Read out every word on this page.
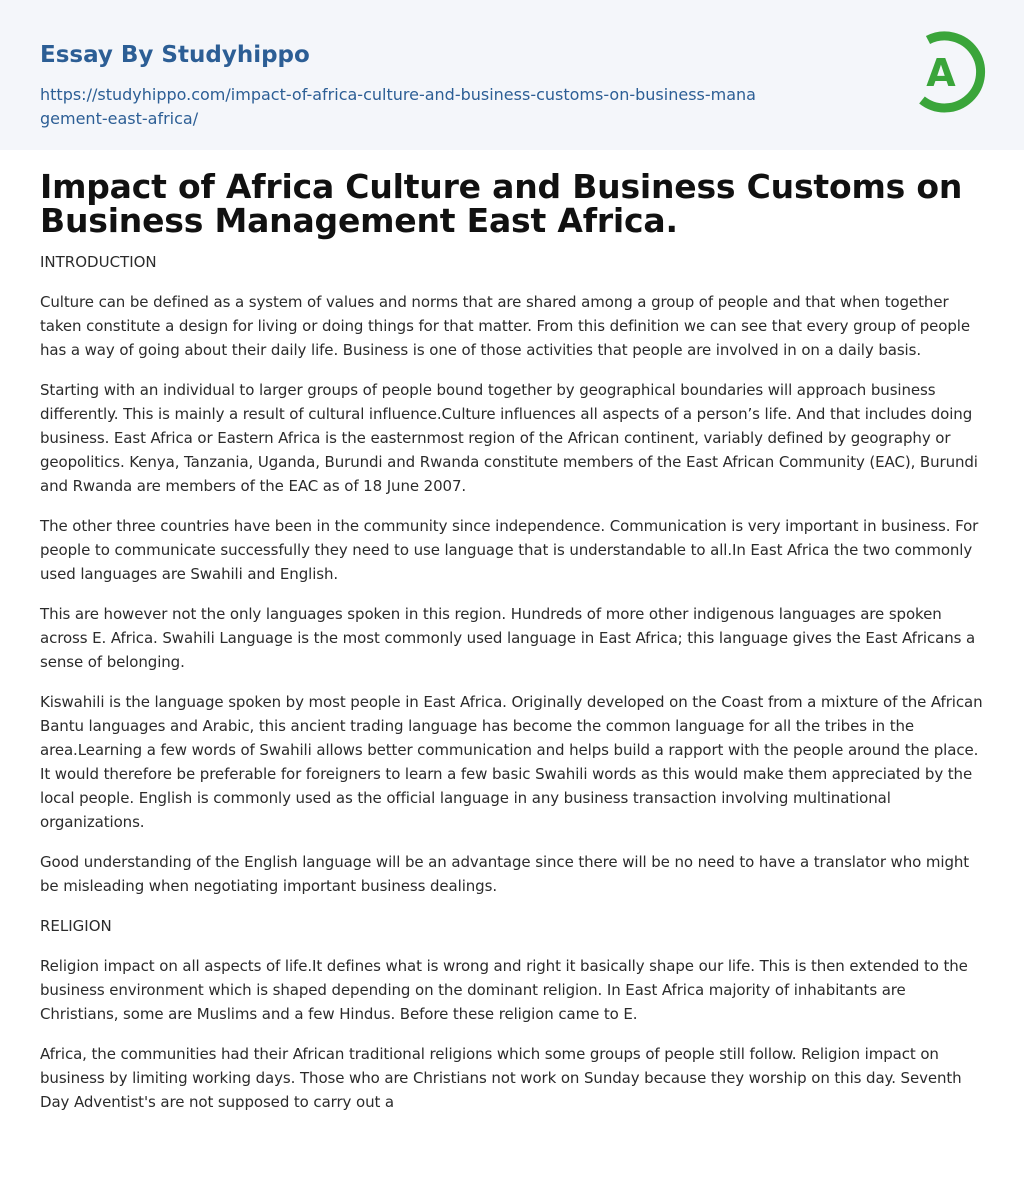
Essay By Studyhippo
https://studyhippo.com/impact-of-africa-culture-and-business-customs-on-business-management-east-africa/
A
Impact of Africa Culture and Business Customs on Business Management East Africa.

INTRODUCTION

Culture can be defined as a system of values and norms that are shared among a group of people and that when together taken constitute a design for living or doing things for that matter. From this definition we can see that every group of people has a way of going about their daily life. Business is one of those activities that people are involved in on a daily basis.

Starting with an individual to larger groups of people bound together by geographical boundaries will approach business differently. This is mainly a result of cultural influence.Culture influences all aspects of a person’s life. And that includes doing business. East Africa or Eastern Africa is the easternmost region of the African continent, variably defined by geography or geopolitics. Kenya, Tanzania, Uganda, Burundi and Rwanda constitute members of the East African Community (EAC), Burundi and Rwanda are members of the EAC as of 18 June 2007.

The other three countries have been in the community since independence. Communication is very important in business. For people to communicate successfully they need to use language that is understandable to all.In East Africa the two commonly used languages are Swahili and English.

This are however not the only languages spoken in this region. Hundreds of more other indigenous languages are spoken across E. Africa. Swahili Language is the most commonly used language in East Africa; this language gives the East Africans a sense of belonging.

Kiswahili is the language spoken by most people in East Africa. Originally developed on the Coast from a mixture of the African Bantu languages and Arabic, this ancient trading language has become the common language for all the tribes in the area.Learning a few words of Swahili allows better communication and helps build a rapport with the people around the place. It would therefore be preferable for foreigners to learn a few basic Swahili words as this would make them appreciated by the local people. English is commonly used as the official language in any business transaction involving multinational organizations.

Good understanding of the English language will be an advantage since there will be no need to have a translator who might be misleading when negotiating important business dealings.

RELIGION

Religion impact on all aspects of life.It defines what is wrong and right it basically shape our life. This is then extended to the business environment which is shaped depending on the dominant religion. In East Africa majority of inhabitants are Christians, some are Muslims and a few Hindus. Before these religion came to E.

Africa, the communities had their African traditional religions which some groups of people still follow. Religion impact on business by limiting working days. Those who are Christians not work on Sunday because they worship on this day. Seventh Day Adventist's are not supposed to carry out a
